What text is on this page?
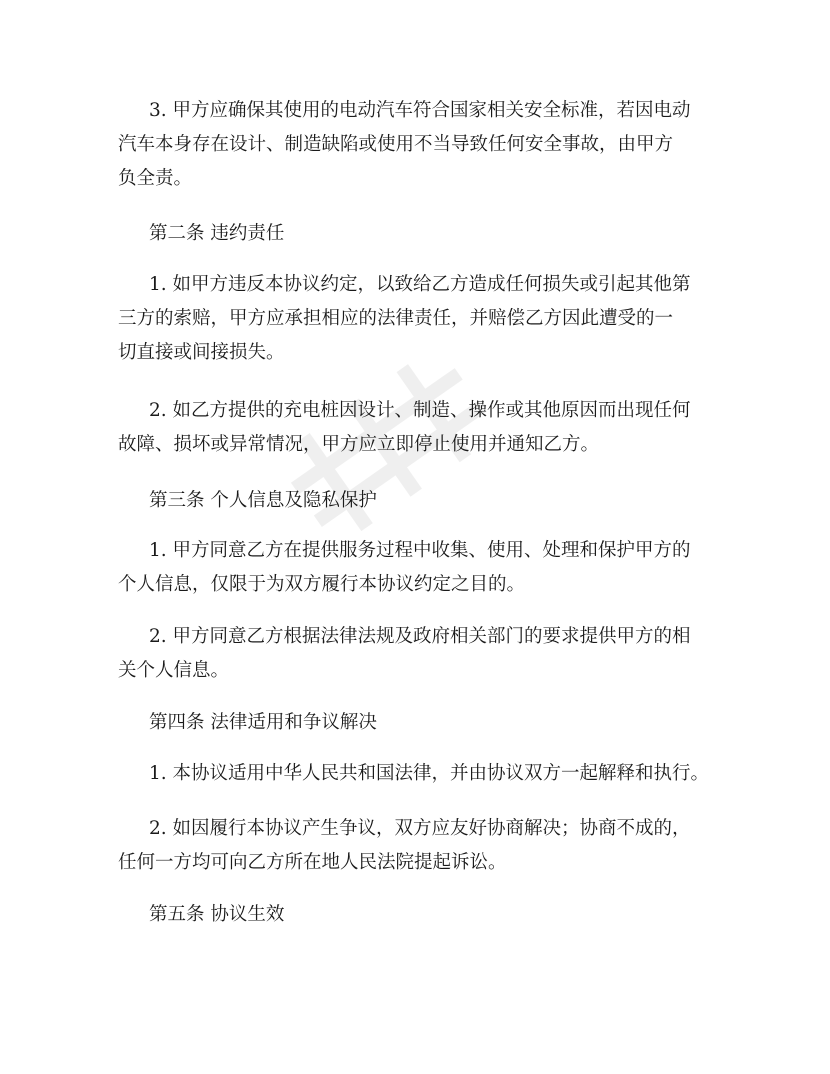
3. 甲方应确保其使用的电动汽车符合国家相关安全标准，若因电动
汽车本身存在设计、制造缺陷或使用不当导致任何安全事故，由甲方
负全责。

第二条 违约责任

1. 如甲方违反本协议约定，以致给乙方造成任何损失或引起其他第
三方的索赔，甲方应承担相应的法律责任，并赔偿乙方因此遭受的一
切直接或间接损失。

2. 如乙方提供的充电桩因设计、制造、操作或其他原因而出现任何
故障、损坏或异常情况，甲方应立即停止使用并通知乙方。

第三条 个人信息及隐私保护

1. 甲方同意乙方在提供服务过程中收集、使用、处理和保护甲方的
个人信息，仅限于为双方履行本协议约定之目的。

2. 甲方同意乙方根据法律法规及政府相关部门的要求提供甲方的相
关个人信息。

第四条 法律适用和争议解决

1. 本协议适用中华人民共和国法律，并由协议双方一起解释和执行。

2. 如因履行本协议产生争议，双方应友好协商解决；协商不成的，
任何一方均可向乙方所在地人民法院提起诉讼。

第五条 协议生效
